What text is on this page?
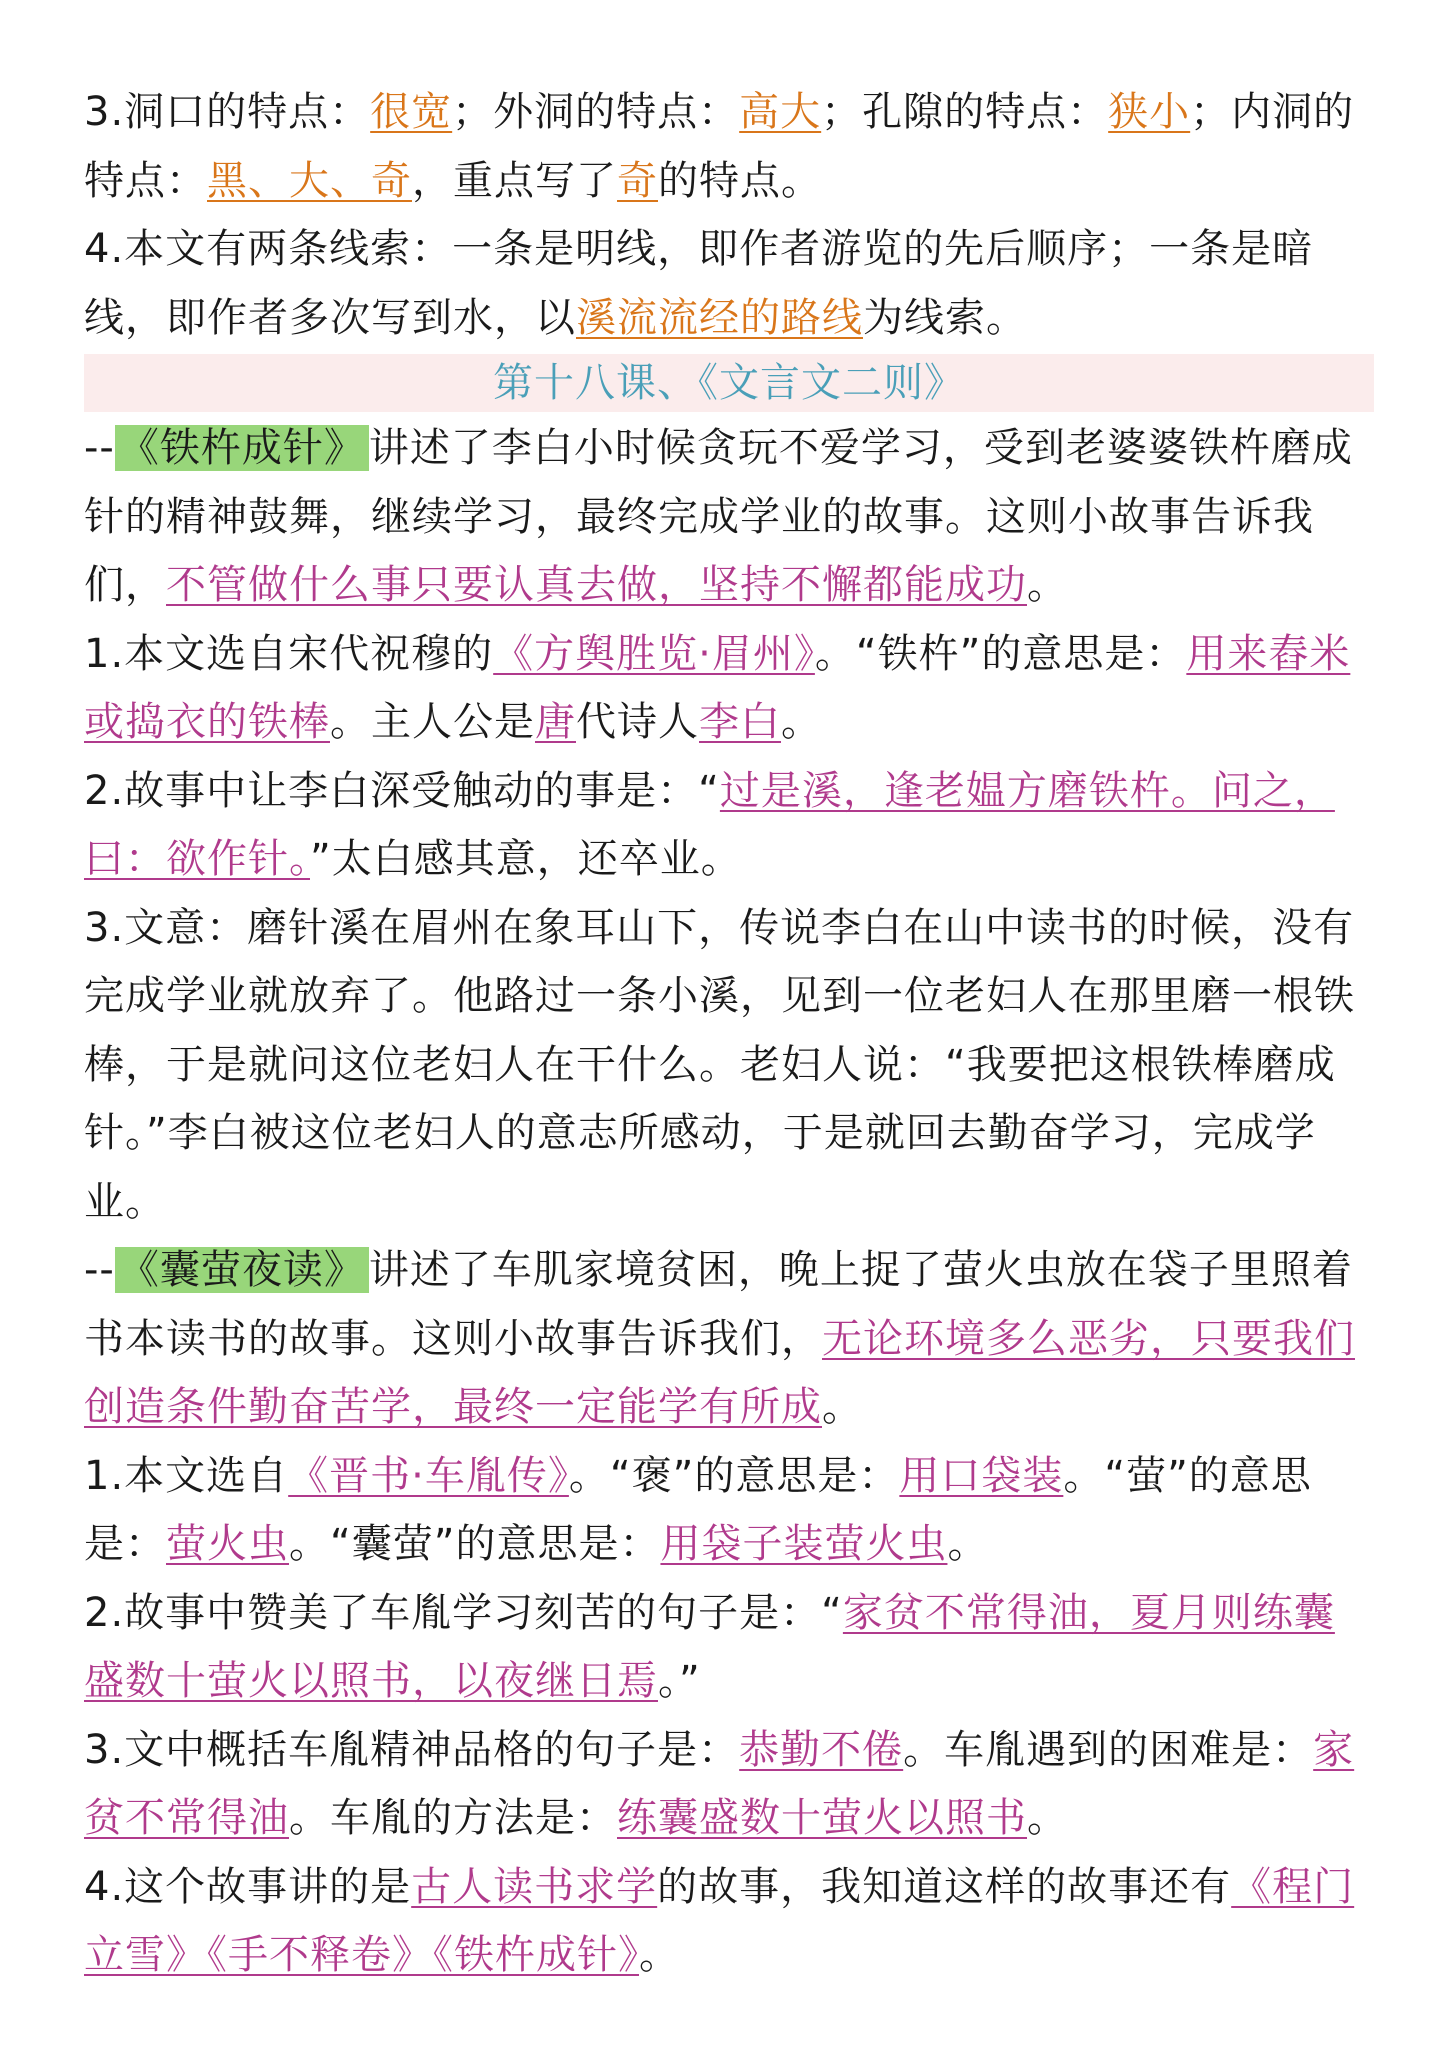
3.洞口的特点：很宽；外洞的特点：高大；孔隙的特点：狭小；内洞的特点：黑、大、奇，重点写了奇的特点。

4.本文有两条线索：一条是明线，即作者游览的先后顺序；一条是暗线，即作者多次写到水，以溪流流经的路线为线索。

第十八课、《文言文二则》

-- 《铁杵成针》 讲述了李白小时候贪玩不爱学习，受到老婆婆铁杵磨成针的精神鼓舞，继续学习，最终完成学业的故事。这则小故事告诉我们，不管做什么事只要认真去做，坚持不懈都能成功。

1.本文选自宋代祝穆的《方舆胜览·眉州》。“铁杵”的意思是：用来舂米或捣衣的铁棒。主人公是唐代诗人李白。

2.故事中让李白深受触动的事是：“过是溪，逢老媪方磨铁杵。问之，曰：欲作针。”太白感其意，还卒业。

3.文意：磨针溪在眉州在象耳山下，传说李白在山中读书的时候，没有完成学业就放弃了。他路过一条小溪，见到一位老妇人在那里磨一根铁棒，于是就问这位老妇人在干什么。老妇人说：“我要把这根铁棒磨成针。”李白被这位老妇人的意志所感动，于是就回去勤奋学习，完成学业。

-- 《囊萤夜读》 讲述了车肌家境贫困，晚上捉了萤火虫放在袋子里照着书本读书的故事。这则小故事告诉我们，无论环境多么恶劣，只要我们创造条件勤奋苦学，最终一定能学有所成。

1.本文选自《晋书·车胤传》。“褒”的意思是：用口袋装。“萤”的意思是：萤火虫。“囊萤”的意思是：用袋子装萤火虫。

2.故事中赞美了车胤学习刻苦的句子是：“家贫不常得油，夏月则练囊盛数十萤火以照书，以夜继日焉。”

3.文中概括车胤精神品格的句子是：恭勤不倦。车胤遇到的困难是：家贫不常得油。车胤的方法是：练囊盛数十萤火以照书。

4.这个故事讲的是古人读书求学的故事，我知道这样的故事还有《程门立雪》《手不释卷》《铁杵成针》。
